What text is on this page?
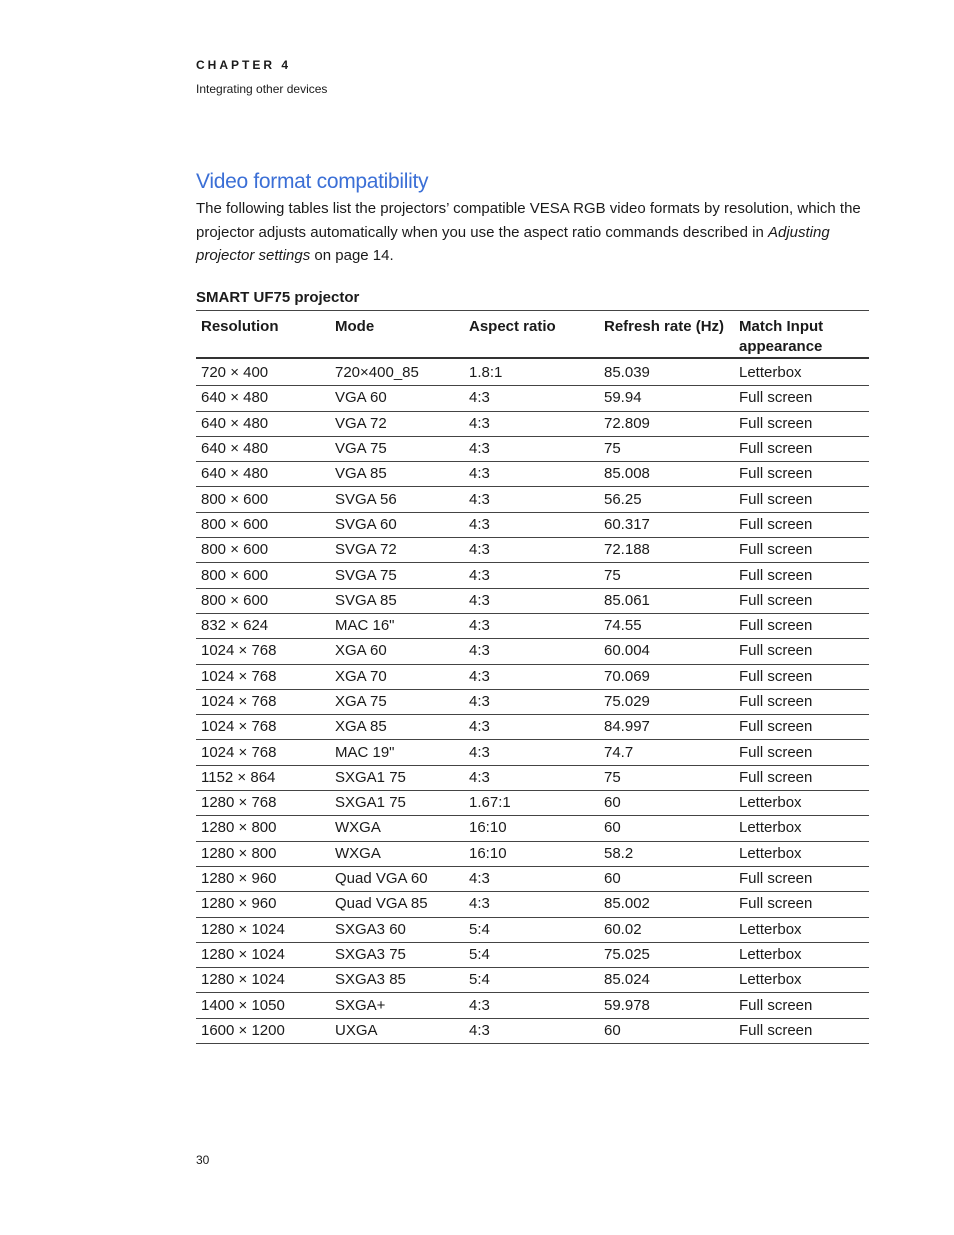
CHAPTER 4
Integrating other devices
Video format compatibility

The following tables list the projectors’ compatible VESA RGB video formats by resolution, which the projector adjusts automatically when you use the aspect ratio commands described in Adjusting projector settings on page 14.

SMART UF75 projector
Resolution	Mode	Aspect ratio	Refresh rate (Hz)	Match Input appearance
720 × 400	720×400_85	1.8:1	85.039	Letterbox
640 × 480	VGA 60	4:3	59.94	Full screen
640 × 480	VGA 72	4:3	72.809	Full screen
640 × 480	VGA 75	4:3	75	Full screen
640 × 480	VGA 85	4:3	85.008	Full screen
800 × 600	SVGA 56	4:3	56.25	Full screen
800 × 600	SVGA 60	4:3	60.317	Full screen
800 × 600	SVGA 72	4:3	72.188	Full screen
800 × 600	SVGA 75	4:3	75	Full screen
800 × 600	SVGA 85	4:3	85.061	Full screen
832 × 624	MAC 16"	4:3	74.55	Full screen
1024 × 768	XGA 60	4:3	60.004	Full screen
1024 × 768	XGA 70	4:3	70.069	Full screen
1024 × 768	XGA 75	4:3	75.029	Full screen
1024 × 768	XGA 85	4:3	84.997	Full screen
1024 × 768	MAC 19"	4:3	74.7	Full screen
1152 × 864	SXGA1 75	4:3	75	Full screen
1280 × 768	SXGA1 75	1.67:1	60	Letterbox
1280 × 800	WXGA	16:10	60	Letterbox
1280 × 800	WXGA	16:10	58.2	Letterbox
1280 × 960	Quad VGA 60	4:3	60	Full screen
1280 × 960	Quad VGA 85	4:3	85.002	Full screen
1280 × 1024	SXGA3 60	5:4	60.02	Letterbox
1280 × 1024	SXGA3 75	5:4	75.025	Letterbox
1280 × 1024	SXGA3 85	5:4	85.024	Letterbox
1400 × 1050	SXGA+	4:3	59.978	Full screen
1600 × 1200	UXGA	4:3	60	Full screen
30
